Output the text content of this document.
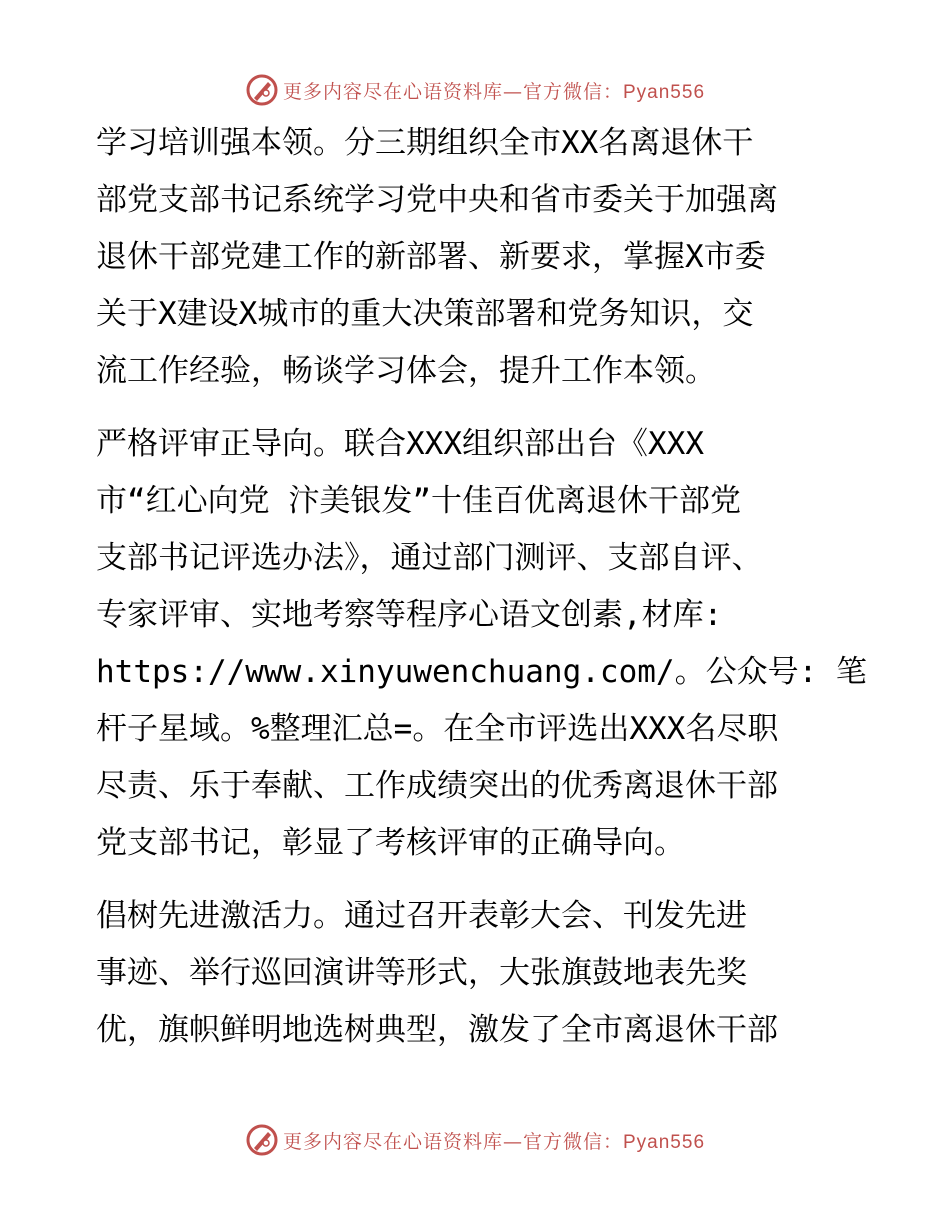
更多内容尽在心语资料库—官方微信：Pyan556
学习培训强本领。分三期组织全市XX名离退休干
部党支部书记系统学习党中央和省市委关于加强离
退休干部党建工作的新部署、新要求，掌握X市委
关于X建设X城市的重大决策部署和党务知识，交
流工作经验，畅谈学习体会，提升工作本领。
严格评审正导向。联合XXX组织部出台《XXX
市“红心向党 汴美银发”十佳百优离退休干部党
支部书记评选办法》，通过部门测评、支部自评、
专家评审、实地考察等程序心语文创素,材库:
https://www.xinyuwenchuang.com/。公众号: 笔
杆子星域。%整理汇总=。在全市评选出XXX名尽职
尽责、乐于奉献、工作成绩突出的优秀离退休干部
党支部书记，彰显了考核评审的正确导向。
倡树先进激活力。通过召开表彰大会、刊发先进
事迹、举行巡回演讲等形式，大张旗鼓地表先奖
优，旗帜鲜明地选树典型，激发了全市离退休干部
更多内容尽在心语资料库—官方微信：Pyan556
